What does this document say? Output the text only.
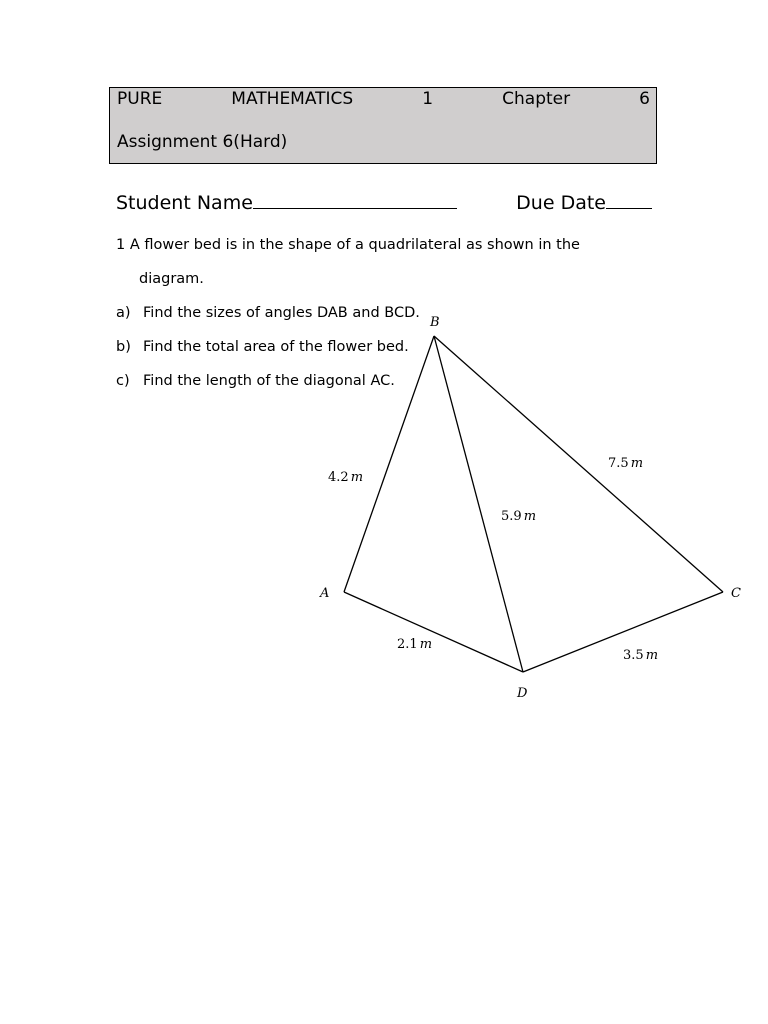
PURE	MATHEMATICS	1	Chapter	6
Assignment 6(Hard)
Student Name	Due Date
1 A flower bed is in the shape of a quadrilateral as shown in the
diagram.
a) Find the sizes of angles DAB and BCD.
b) Find the total area of the flower bed.
c) Find the length of the diagonal AC.
A
B
C
D
4.2 m
7.5 m
5.9 m
2.1 m
3.5 m
